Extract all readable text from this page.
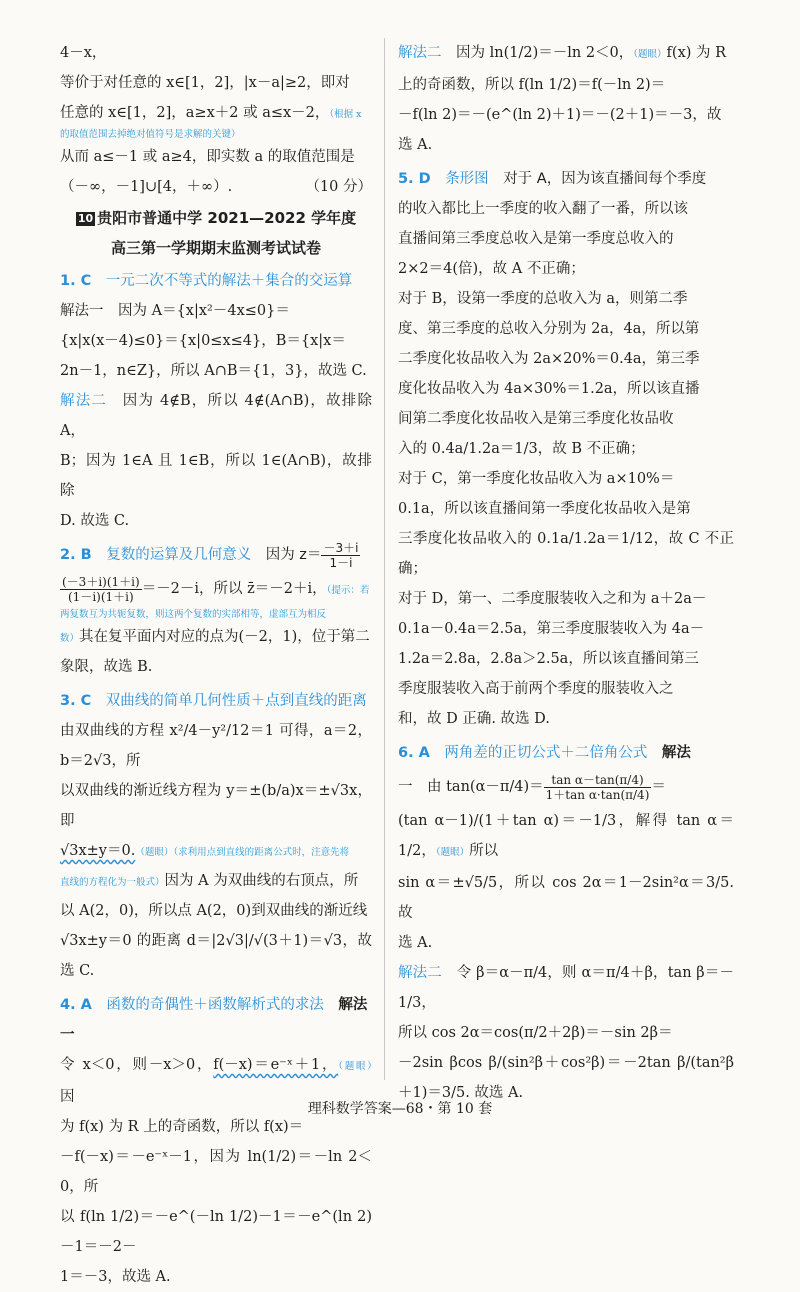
4－x，

等价于对任意的 x∈[1，2]，|x－a|≥2，即对

任意的 x∈[1，2]，a≥x＋2 或 a≤x－2，（根据 x

的取值范围去掉绝对值符号是求解的关键）

从而 a≤－1 或 a≥4，即实数 a 的取值范围是

（－∞，－1]∪[4，＋∞）.	（10 分）

10 贵阳市普通中学 2021—2022 学年度
高三第一学期期末监测考试试卷
1. C　 一元二次不等式的解法＋集合的交运算

解法一　因为 A＝{x|x²－4x≤0}＝

{x|x(x－4)≤0}＝{x|0≤x≤4}，B＝{x|x＝

2n－1，n∈Z}，所以 A∩B＝{1，3}，故选 C.

解法二　因为 4∉B，所以 4∉(A∩B)，故排除 A，

B；因为 1∈A 且 1∈B，所以 1∈(A∩B)，故排除

D. 故选 C.

2. B　 复数的运算及几何意义　 因为 $z= \frac{-3+i}{1-i}$

$\frac{(-3+i)(1+i)}{(1-i)(1+i)} =-2-i$，所以 z̄＝－2＋i，（提示：若

两复数互为共轭复数，则这两个复数的实部相等，虚部互为相反

数）其在复平面内对应的点为(－2，1)，位于第二

象限，故选 B.

3. C　 双曲线的简单几何性质＋点到直线的距离

由双曲线的方程 x²/4－y²/12＝1 可得，a＝2，b＝2√3，所

以双曲线的渐近线方程为 y＝±(b/a)x＝±√3x，即

√3x±y＝0.（题眼）（求利用点到直线的距离公式时，注意先将

直线的方程化为一般式）因为 A 为双曲线的右顶点，所

以 A(2，0)，所以点 A(2，0)到双曲线的渐近线

√3x±y＝0 的距离 d＝|2√3|/√(3＋1)＝√3，故选 C.

4. A　 函数的奇偶性＋函数解析式的求法　 解法一

令 x＜0，则－x＞0，f(－x)＝e⁻ˣ＋1，（题眼）　因

为 f(x) 为 R 上的奇函数，所以 f(x)＝

－f(－x)＝－e⁻ˣ－1，因为 ln(1/2)＝－ln 2＜0，所

以 f(ln 1/2)＝－e^(－ln 1/2)－1＝－e^(ln 2)－1＝－2－

1＝－3，故选 A.

解法二　因为 ln(1/2)＝－ln 2＜0，（题眼）f(x) 为 R

上的奇函数，所以 f(ln 1/2)＝f(－ln 2)＝

－f(ln 2)＝－(e^(ln 2)＋1)＝－(2＋1)＝－3，故

选 A.

5. D　 条形图　 对于 A，因为该直播间每个季度

的收入都比上一季度的收入翻了一番，所以该

直播间第三季度总收入是第一季度总收入的

2×2＝4(倍)，故 A 不正确；

对于 B，设第一季度的总收入为 a，则第二季

度、第三季度的总收入分别为 2a，4a，所以第

二季度化妆品收入为 2a×20%＝0.4a，第三季

度化妆品收入为 4a×30%＝1.2a，所以该直播

间第二季度化妆品收入是第三季度化妆品收

入的 0.4a/1.2a＝1/3，故 B 不正确；

对于 C，第一季度化妆品收入为 a×10%＝

0.1a，所以该直播间第一季度化妆品收入是第

三季度化妆品收入的 0.1a/1.2a＝1/12，故 C 不正确；

对于 D，第一、二季度服装收入之和为 a＋2a－

0.1a－0.4a＝2.5a，第三季度服装收入为 4a－

1.2a＝2.8a，2.8a＞2.5a，所以该直播间第三

季度服装收入高于前两个季度的服装收入之

和，故 D 正确. 故选 D.

6. A　 两角差的正切公式＋二倍角公式　 解法

一　由 $\tan(\alpha-\pi/4)= \frac{\text{tan α－tan(π/4)}}{\text{1＋tan α·tan(π/4)}}$ ＝

(tan α－1)/(1＋tan α)＝－1/3，解得 tan α＝1/2，（题眼）所以

sin α＝±√5/5，所以 cos 2α＝1－2sin²α＝3/5. 故

选 A.

解法二　令 β＝α－π/4，则 α＝π/4＋β，tan β＝－1/3，

所以 cos 2α＝cos(π/2＋2β)＝－sin 2β＝

－2sin βcos β/(sin²β＋cos²β)＝－2tan β/(tan²β＋1)＝3/5. 故选 A.

理科数学答案—68・第 10 套
